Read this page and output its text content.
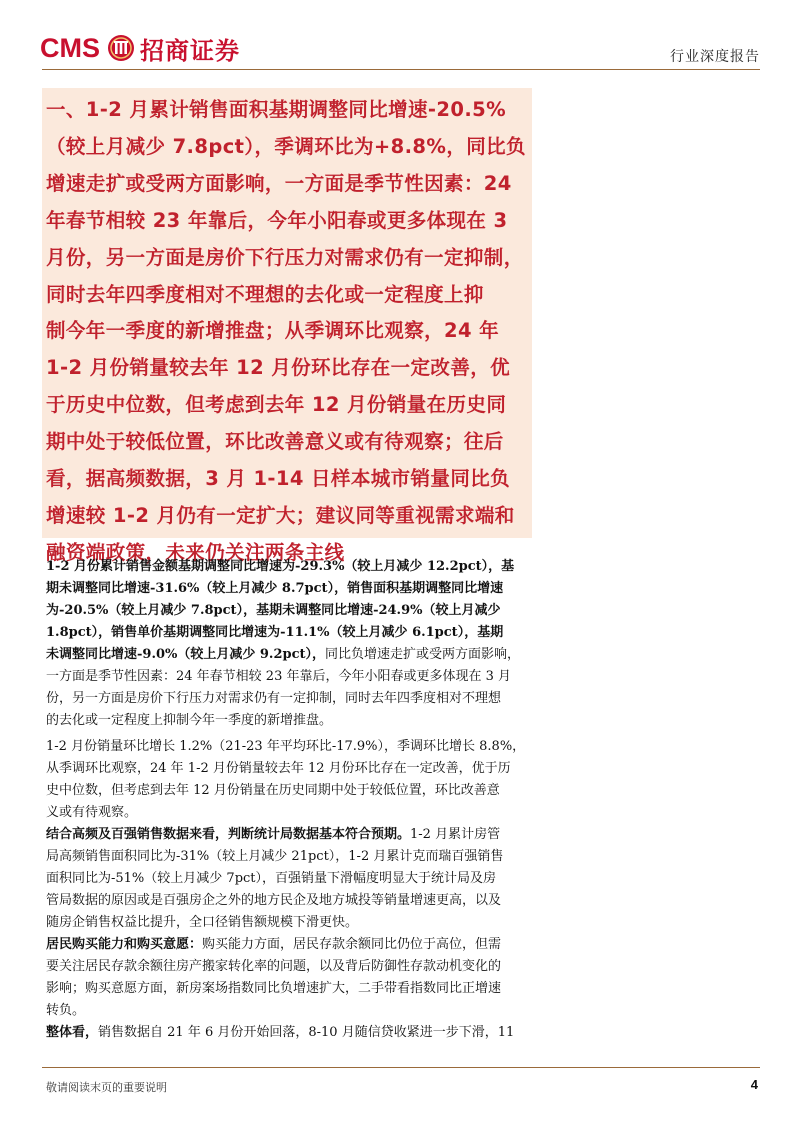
CMS 招商证券	行业深度报告
一、1-2 月累计销售面积基期调整同比增速-20.5%
（较上月减少 7.8pct），季调环比为+8.8%，同比负
增速走扩或受两方面影响，一方面是季节性因素：24
年春节相较 23 年靠后，今年小阳春或更多体现在 3
月份，另一方面是房价下行压力对需求仍有一定抑制，
同时去年四季度相对不理想的去化或一定程度上抑
制今年一季度的新增推盘；从季调环比观察，24 年
1-2 月份销量较去年 12 月份环比存在一定改善，优
于历史中位数，但考虑到去年 12 月份销量在历史同
期中处于较低位置，环比改善意义或有待观察；往后
看，据高频数据，3 月 1-14 日样本城市销量同比负
增速较 1-2 月仍有一定扩大；建议同等重视需求端和
融资端政策，未来仍关注两条主线
1-2 月份累计销售金额基期调整同比增速为-29.3%（较上月减少 12.2pct），基
期未调整同比增速-31.6%（较上月减少 8.7pct），销售面积基期调整同比增速
为-20.5%（较上月减少 7.8pct），基期未调整同比增速-24.9%（较上月减少
1.8pct），销售单价基期调整同比增速为-11.1%（较上月减少 6.1pct），基期
未调整同比增速-9.0%（较上月减少 9.2pct），同比负增速走扩或受两方面影响，
一方面是季节性因素：24 年春节相较 23 年靠后，今年小阳春或更多体现在 3 月
份，另一方面是房价下行压力对需求仍有一定抑制，同时去年四季度相对不理想
的去化或一定程度上抑制今年一季度的新增推盘。
1-2 月份销量环比增长 1.2%（21-23 年平均环比-17.9%），季调环比增长 8.8%，
从季调环比观察，24 年 1-2 月份销量较去年 12 月份环比存在一定改善，优于历
史中位数，但考虑到去年 12 月份销量在历史同期中处于较低位置，环比改善意
义或有待观察。
结合高频及百强销售数据来看，判断统计局数据基本符合预期。1-2 月累计房管
局高频销售面积同比为-31%（较上月减少 21pct），1-2 月累计克而瑞百强销售
面积同比为-51%（较上月减少 7pct），百强销量下滑幅度明显大于统计局及房
管局数据的原因或是百强房企之外的地方民企及地方城投等销量增速更高，以及
随房企销售权益比提升，全口径销售额规模下滑更快。
居民购买能力和购买意愿：购买能力方面，居民存款余额同比仍位于高位，但需
要关注居民存款余额往房产搬家转化率的问题，以及背后防御性存款动机变化的
影响；购买意愿方面，新房案场指数同比负增速扩大，二手带看指数同比正增速
转负。
整体看，销售数据自 21 年 6 月份开始回落，8-10 月随信贷收紧进一步下滑，11
敬请阅读末页的重要说明	4
